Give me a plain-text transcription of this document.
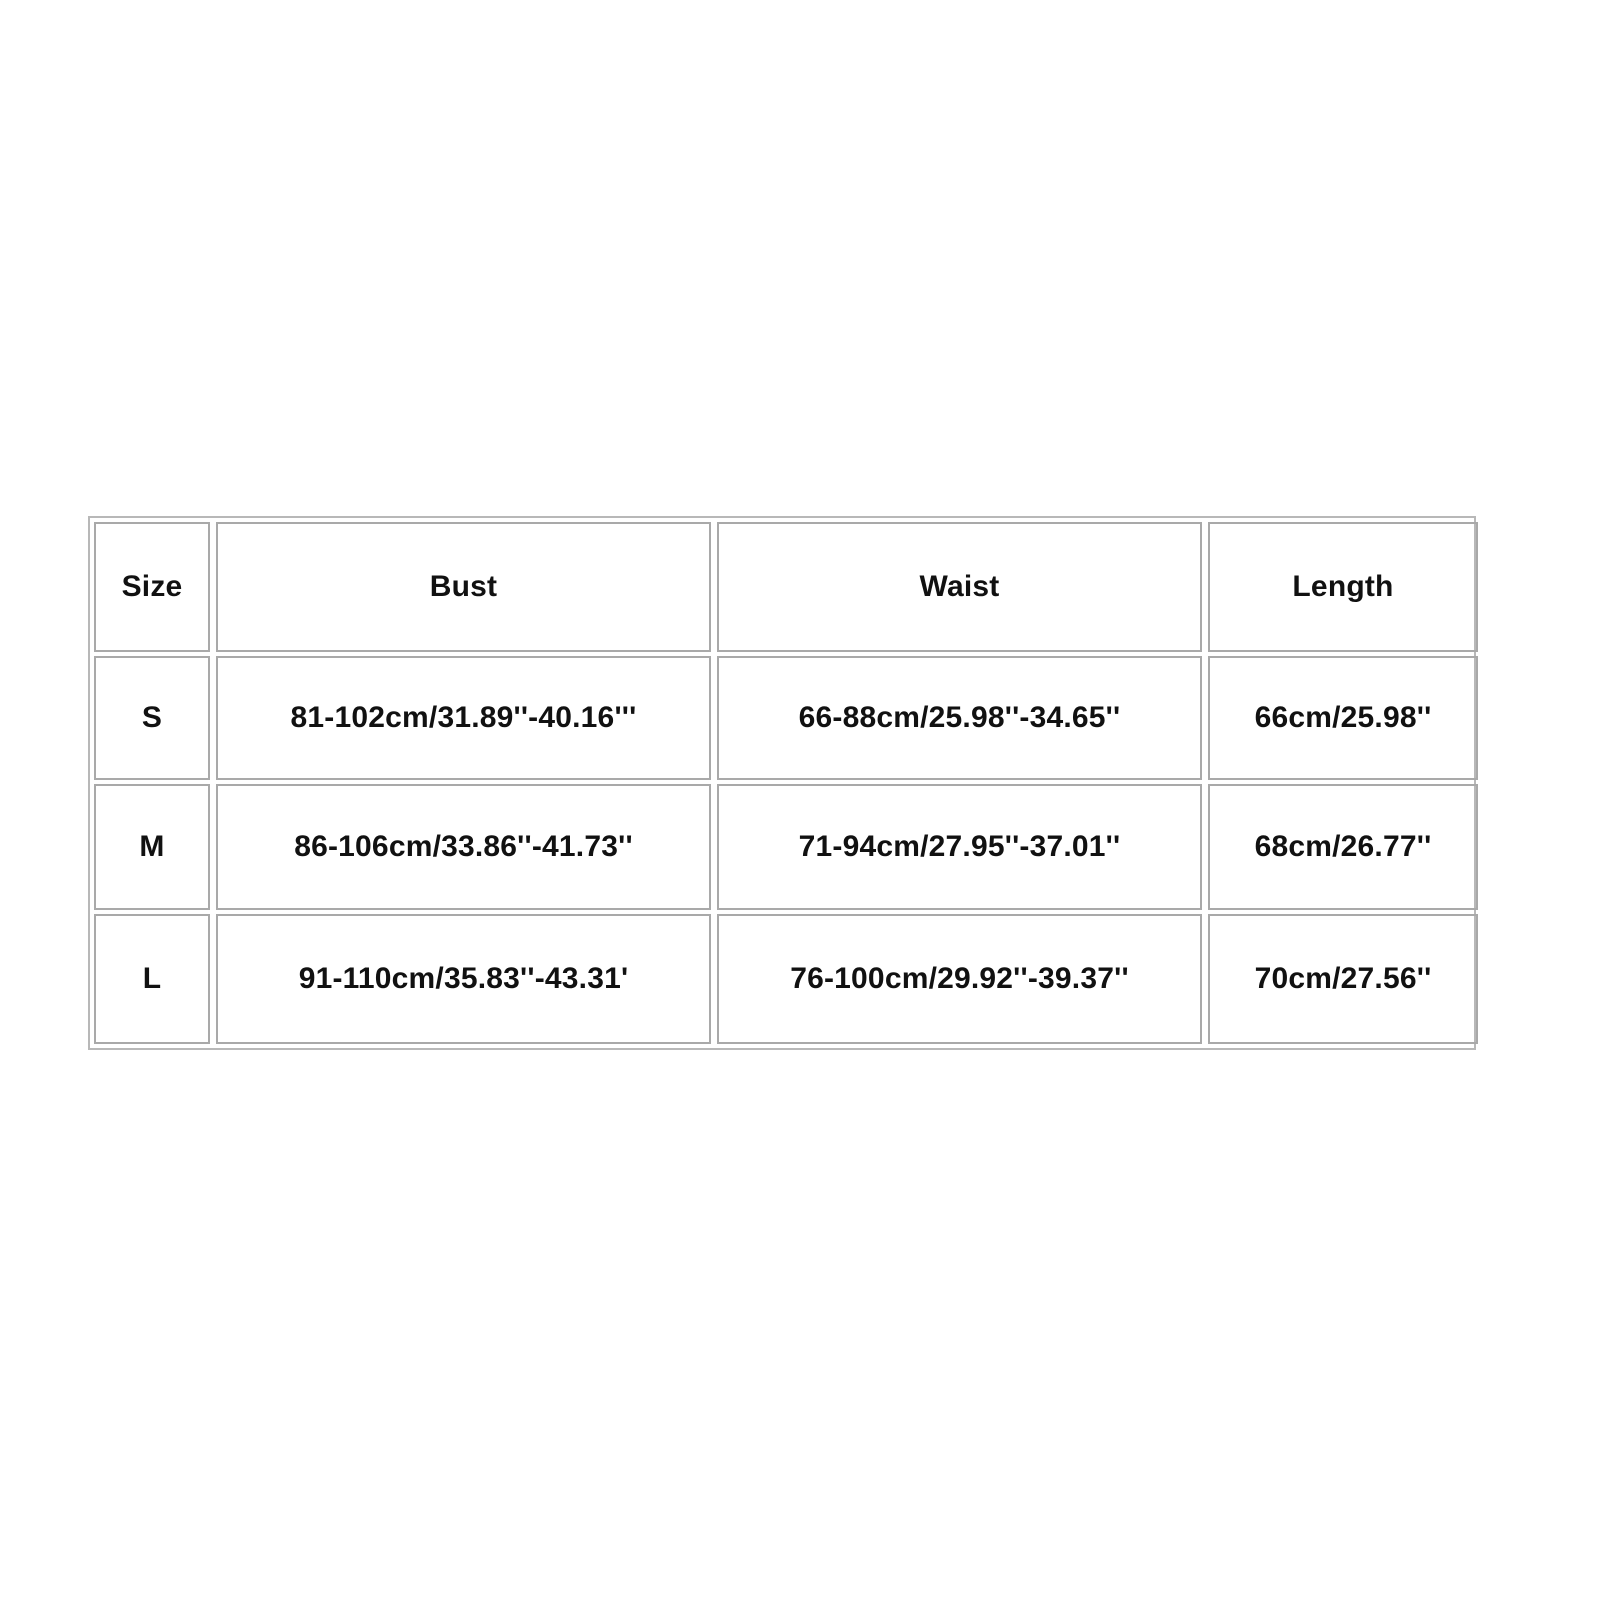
Size	Bust	Waist	Length
S	81-102cm/31.89''-40.16'''	66-88cm/25.98''-34.65''	66cm/25.98''
M	86-106cm/33.86''-41.73''	71-94cm/27.95''-37.01''	68cm/26.77''
L	91-110cm/35.83''-43.31'	76-100cm/29.92''-39.37''	70cm/27.56''
